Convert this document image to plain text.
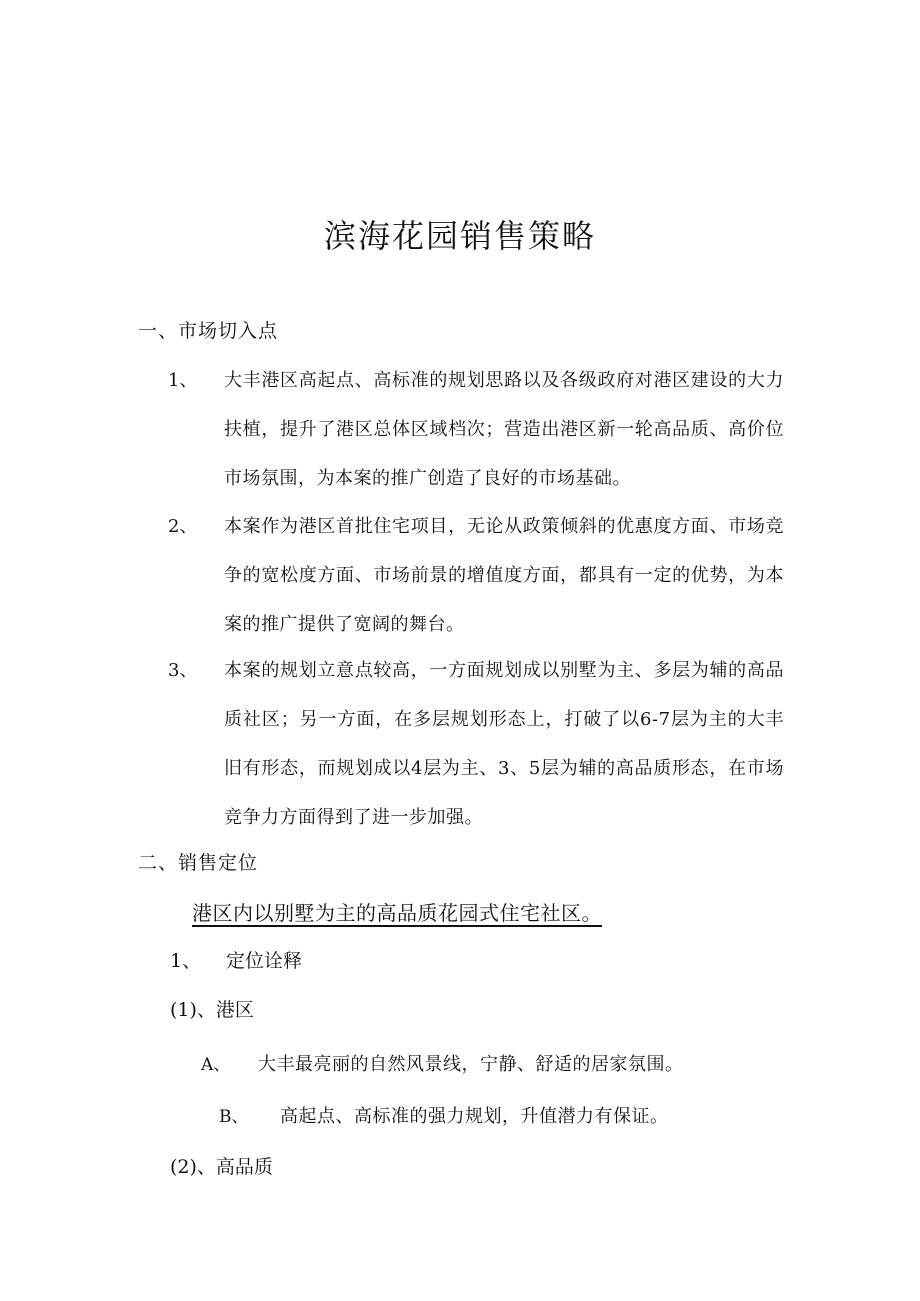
滨海花园销售策略
一、市场切入点
1、 大丰港区高起点、高标准的规划思路以及各级政府对港区建设的大力扶植，提升了港区总体区域档次；营造出港区新一轮高品质、高价位市场氛围，为本案的推广创造了良好的市场基础。
2、 本案作为港区首批住宅项目，无论从政策倾斜的优惠度方面、市场竞争的宽松度方面、市场前景的增值度方面，都具有一定的优势，为本案的推广提供了宽阔的舞台。
3、 本案的规划立意点较高，一方面规划成以别墅为主、多层为辅的高品质社区；另一方面，在多层规划形态上，打破了以6-7层为主的大丰旧有形态，而规划成以4层为主、3、5层为辅的高品质形态，在市场竞争力方面得到了进一步加强。
二、销售定位
港区内以别墅为主的高品质花园式住宅社区。
1、 定位诠释
(1)、港区
A、 大丰最亮丽的自然风景线，宁静、舒适的居家氛围。
B、 高起点、高标准的强力规划，升值潜力有保证。
(2)、高品质
